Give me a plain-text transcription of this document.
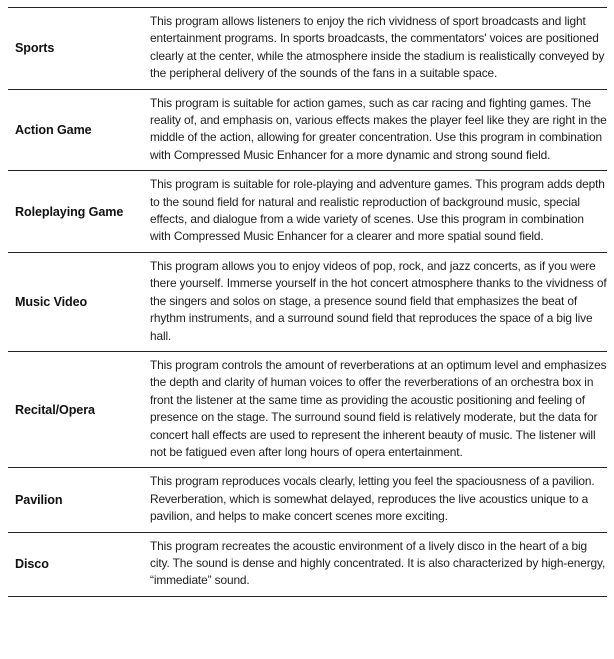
Sports
This program allows listeners to enjoy the rich vividness of sport broadcasts and light entertainment programs. In sports broadcasts, the commentators' voices are positioned clearly at the center, while the atmosphere inside the stadium is realistically conveyed by the peripheral delivery of the sounds of the fans in a suitable space.
Action Game
This program is suitable for action games, such as car racing and fighting games. The reality of, and emphasis on, various effects makes the player feel like they are right in the middle of the action, allowing for greater concentration. Use this program in combination with Compressed Music Enhancer for a more dynamic and strong sound field.
Roleplaying Game
This program is suitable for role-playing and adventure games. This program adds depth to the sound field for natural and realistic reproduction of background music, special effects, and dialogue from a wide variety of scenes. Use this program in combination with Compressed Music Enhancer for a clearer and more spatial sound field.
Music Video
This program allows you to enjoy videos of pop, rock, and jazz concerts, as if you were there yourself. Immerse yourself in the hot concert atmosphere thanks to the vividness of the singers and solos on stage, a presence sound field that emphasizes the beat of rhythm instruments, and a surround sound field that reproduces the space of a big live hall.
Recital/Opera
This program controls the amount of reverberations at an optimum level and emphasizes the depth and clarity of human voices to offer the reverberations of an orchestra box in front the listener at the same time as providing the acoustic positioning and feeling of presence on the stage. The surround sound field is relatively moderate, but the data for concert hall effects are used to represent the inherent beauty of music. The listener will not be fatigued even after long hours of opera entertainment.
Pavilion
This program reproduces vocals clearly, letting you feel the spaciousness of a pavilion. Reverberation, which is somewhat delayed, reproduces the live acoustics unique to a pavilion, and helps to make concert scenes more exciting.
Disco
This program recreates the acoustic environment of a lively disco in the heart of a big city. The sound is dense and highly concentrated. It is also characterized by high-energy, “immediate” sound.
